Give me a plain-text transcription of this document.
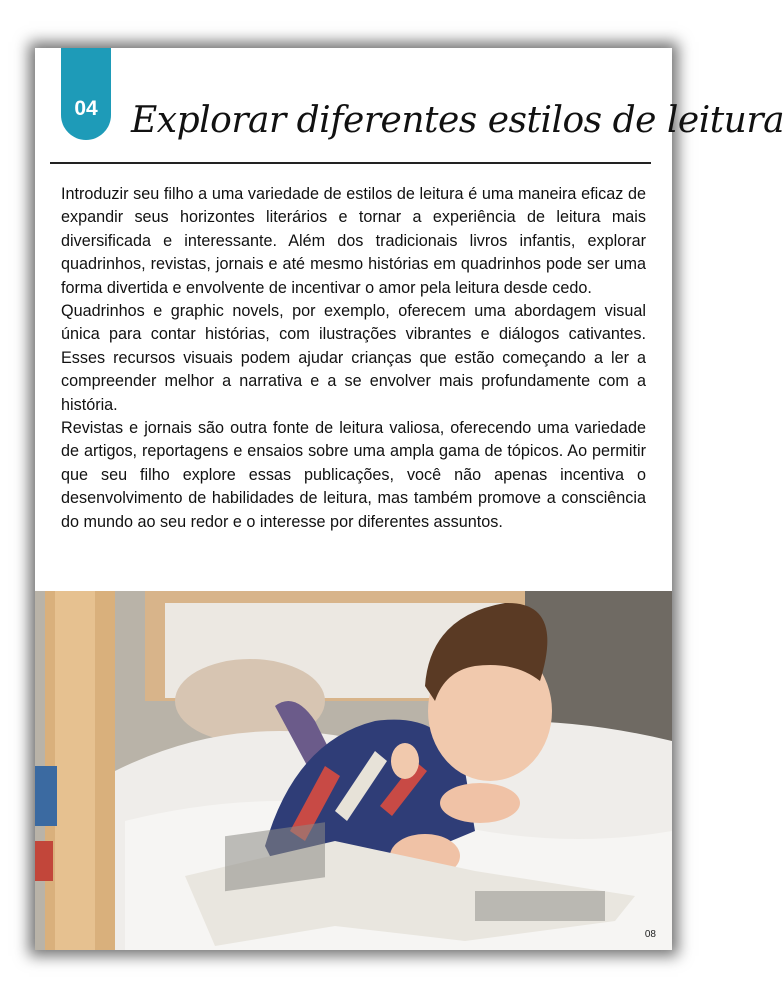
04 Explorar diferentes estilos de leitura

Introduzir seu filho a uma variedade de estilos de leitura é uma maneira eficaz de expandir seus horizontes literários e tornar a experiência de leitura mais diversificada e interessante. Além dos tradicionais livros infantis, explorar quadrinhos, revistas, jornais e até mesmo histórias em quadrinhos pode ser uma forma divertida e envolvente de incentivar o amor pela leitura desde cedo.

Quadrinhos e graphic novels, por exemplo, oferecem uma abordagem visual única para contar histórias, com ilustrações vibrantes e diálogos cativantes. Esses recursos visuais podem ajudar crianças que estão começando a ler a compreender melhor a narrativa e a se envolver mais profundamente com a história.

Revistas e jornais são outra fonte de leitura valiosa, oferecendo uma variedade de artigos, reportagens e ensaios sobre uma ampla gama de tópicos. Ao permitir que seu filho explore essas publicações, você não apenas incentiva o desenvolvimento de habilidades de leitura, mas também promove a consciência do mundo ao seu redor e o interesse por diferentes assuntos.

08
